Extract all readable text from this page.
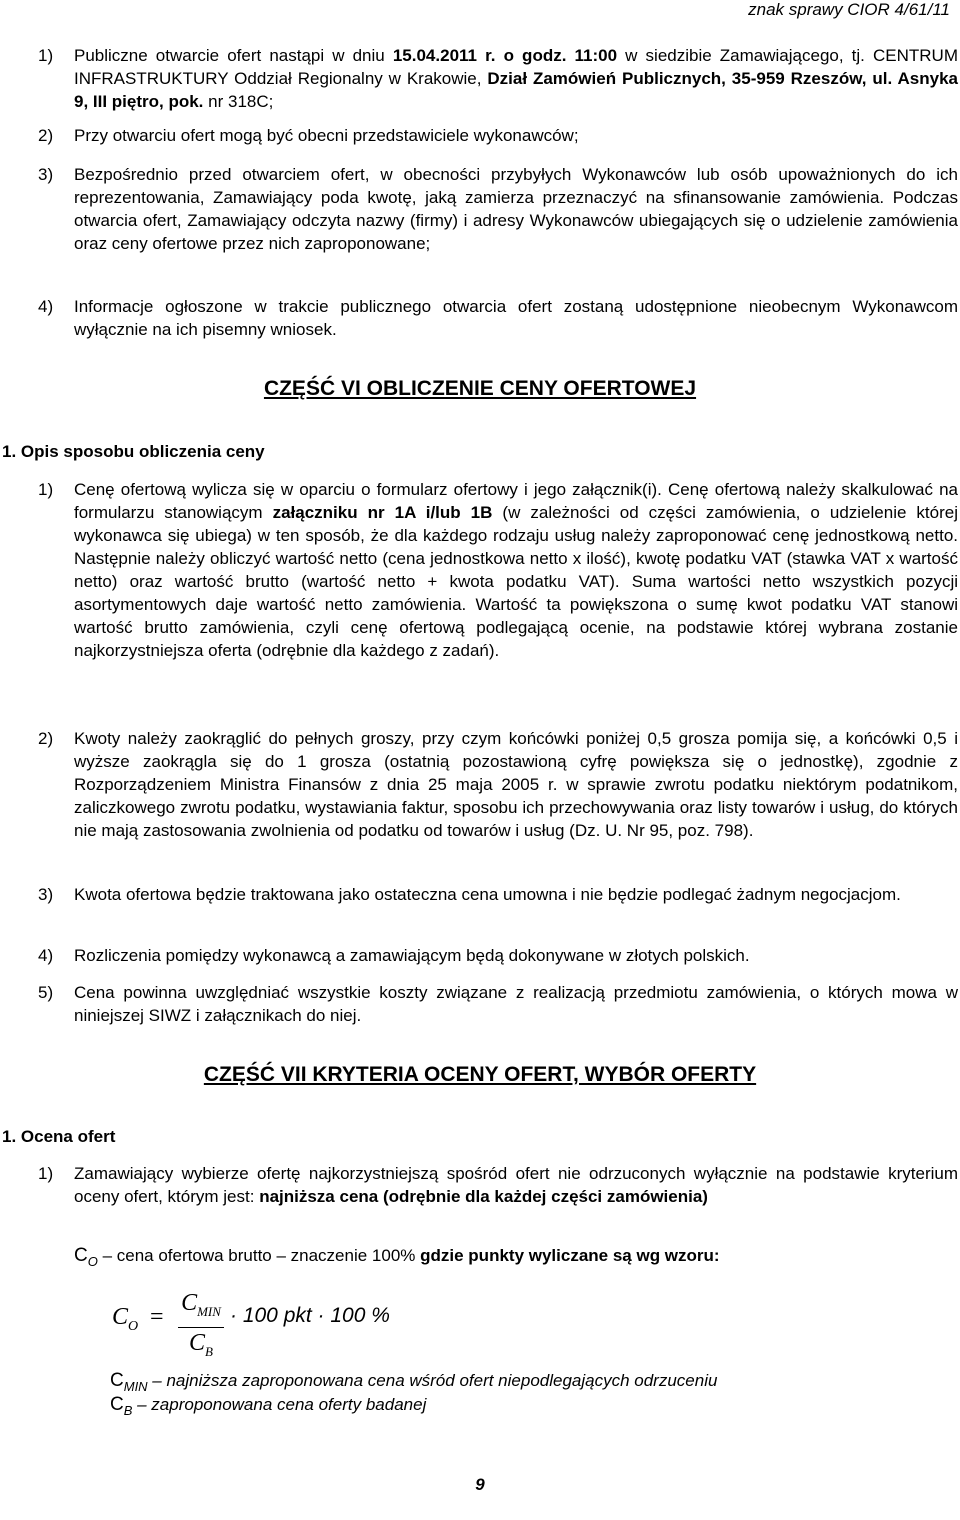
znak sprawy CIOR 4/61/11
1) Publiczne otwarcie ofert nastąpi w dniu 15.04.2011 r. o godz. 11:00 w siedzibie Zamawiającego, tj. CENTRUM INFRASTRUKTURY Oddział Regionalny w Krakowie, Dział Zamówień Publicznych, 35-959 Rzeszów, ul. Asnyka 9, III piętro, pok. nr 318C;
2) Przy otwarciu ofert mogą być obecni przedstawiciele wykonawców;
3) Bezpośrednio przed otwarciem ofert, w obecności przybyłych Wykonawców lub osób upoważnionych do ich reprezentowania, Zamawiający poda kwotę, jaką zamierza przeznaczyć na sfinansowanie zamówienia. Podczas otwarcia ofert, Zamawiający odczyta nazwy (firmy) i adresy Wykonawców ubiegających się o udzielenie zamówienia oraz ceny ofertowe przez nich zaproponowane;
4) Informacje ogłoszone w trakcie publicznego otwarcia ofert zostaną udostępnione nieobecnym Wykonawcom wyłącznie na ich pisemny wniosek.
CZĘŚĆ VI OBLICZENIE CENY OFERTOWEJ
1. Opis sposobu obliczenia ceny
1) Cenę ofertową wylicza się w oparciu o formularz ofertowy i jego załącznik(i). Cenę ofertową należy skalkulować na formularzu stanowiącym załączniku nr 1A i/lub 1B (w zależności od części zamówienia, o udzielenie której wykonawca się ubiega) w ten sposób, że dla każdego rodzaju usług należy zaproponować cenę jednostkową netto. Następnie należy obliczyć wartość netto (cena jednostkowa netto x ilość), kwotę podatku VAT (stawka VAT x wartość netto) oraz wartość brutto (wartość netto + kwota podatku VAT). Suma wartości netto wszystkich pozycji asortymentowych daje wartość netto zamówienia. Wartość ta powiększona o sumę kwot podatku VAT stanowi wartość brutto zamówienia, czyli cenę ofertową podlegającą ocenie, na podstawie której wybrana zostanie najkorzystniejsza oferta (odrębnie dla każdego z zadań).
2) Kwoty należy zaokrąglić do pełnych groszy, przy czym końcówki poniżej 0,5 grosza pomija się, a końcówki 0,5 i wyższe zaokrągla się do 1 grosza (ostatnią pozostawioną cyfrę powiększa się o jednostkę), zgodnie z Rozporządzeniem Ministra Finansów z dnia 25 maja 2005 r. w sprawie zwrotu podatku niektórym podatnikom, zaliczkowego zwrotu podatku, wystawiania faktur, sposobu ich przechowywania oraz listy towarów i usług, do których nie mają zastosowania zwolnienia od podatku od towarów i usług (Dz. U. Nr 95, poz. 798).
3) Kwota ofertowa będzie traktowana jako ostateczna cena umowna i nie będzie podlegać żadnym negocjacjom.
4) Rozliczenia pomiędzy wykonawcą a zamawiającym będą dokonywane w złotych polskich.
5) Cena powinna uwzględniać wszystkie koszty związane z realizacją przedmiotu zamówienia, o których mowa w niniejszej SIWZ i załącznikach do niej.
CZĘŚĆ VII KRYTERIA OCENY OFERT, WYBÓR OFERTY
1. Ocena ofert
1) Zamawiający wybierze ofertę najkorzystniejszą spośród ofert nie odrzuconych wyłącznie na podstawie kryterium oceny ofert, którym jest: najniższa cena (odrębnie dla każdej części zamówienia)
$C_O$ – cena ofertowa brutto – znaczenie 100% gdzie punkty wyliczane są wg wzoru:
$C_O$ =
$C_{MIN}$
$C_B$
· 100 pkt · 100 %
$C_{MIN}$ – najniższa zaproponowana cena wśród ofert niepodlegających odrzuceniu
$C_B$ – zaproponowana cena oferty badanej
9
